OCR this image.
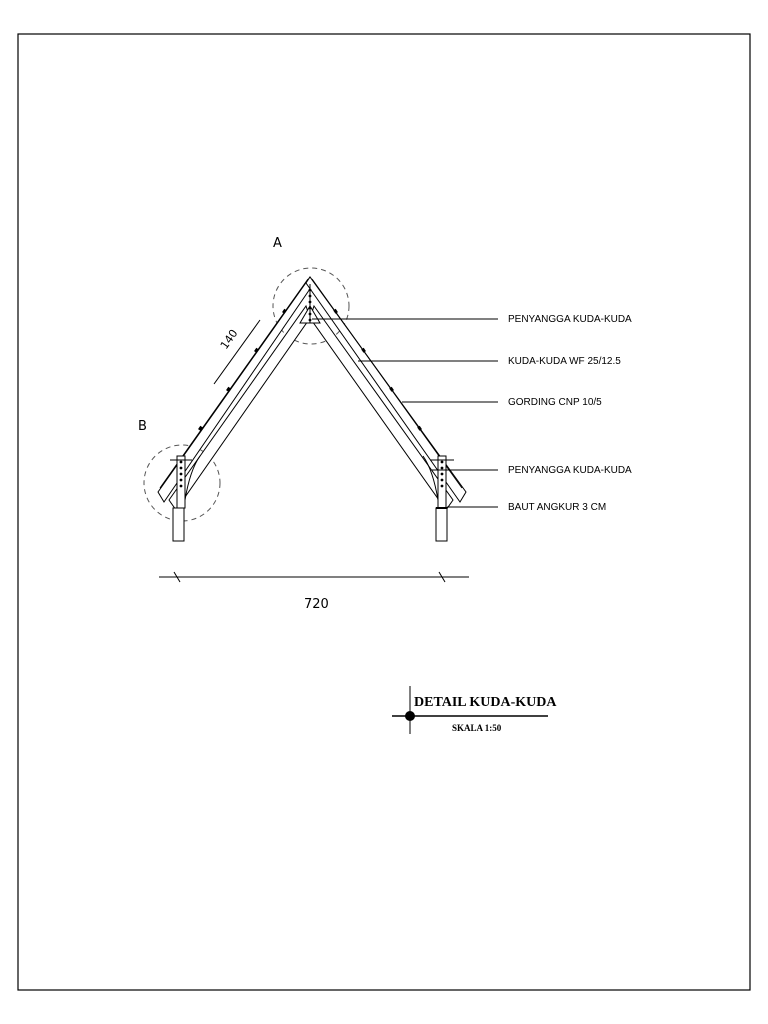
A
B
140
720
PENYANGGA KUDA-KUDA
KUDA-KUDA WF 25/12.5
GORDING CNP 10/5
PENYANGGA KUDA-KUDA
BAUT ANGKUR 3 CM
DETAIL KUDA-KUDA
SKALA 1:50
